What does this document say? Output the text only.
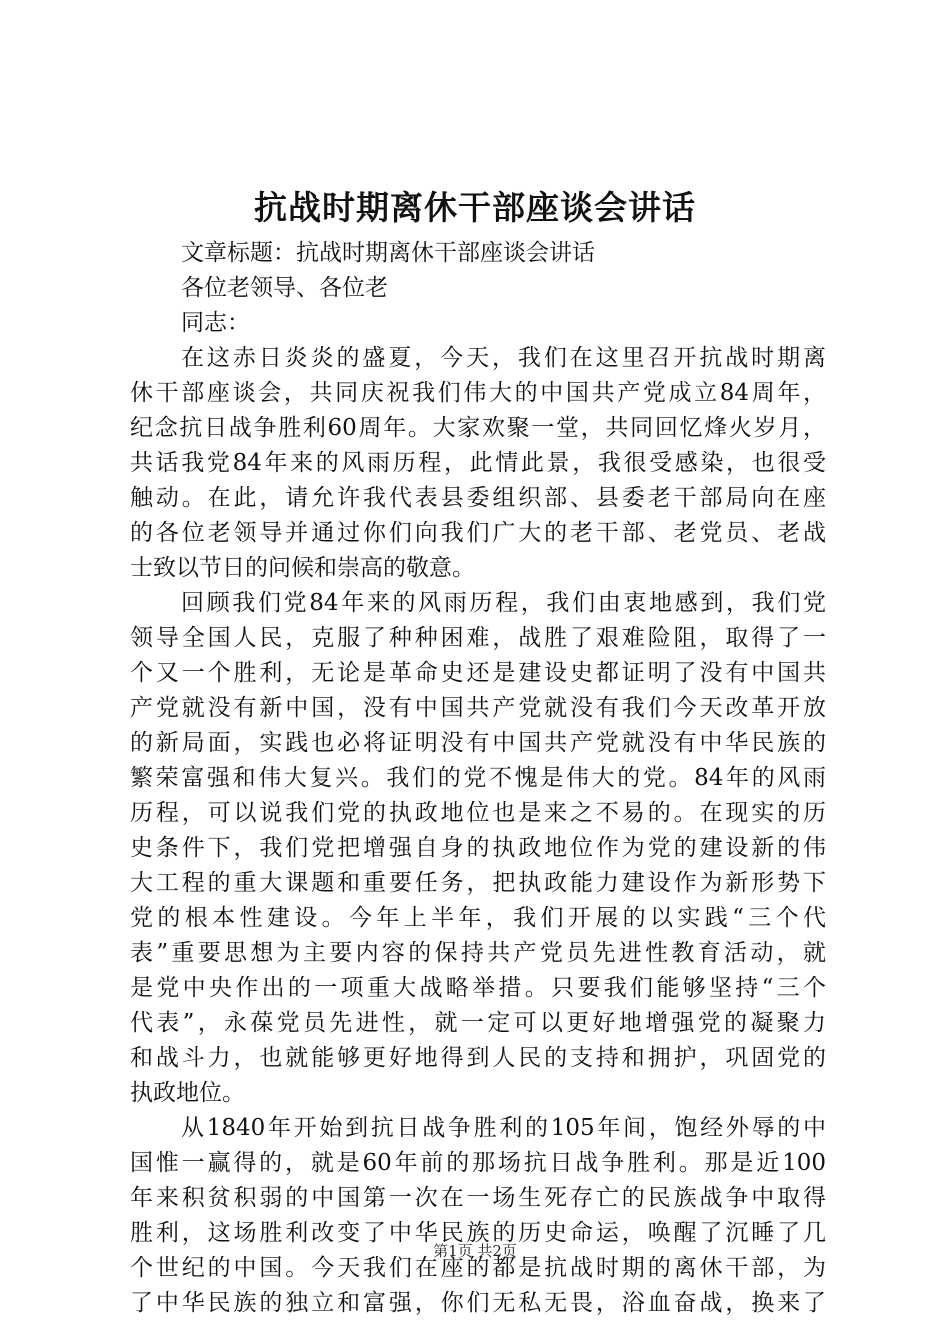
抗战时期离休干部座谈会讲话
文章标题：抗战时期离休干部座谈会讲话
各位老领导、各位老
同志：
在这赤日炎炎的盛夏，今天，我们在这里召开抗战时期离
休干部座谈会，共同庆祝我们伟大的中国共产党成立84周年，
纪念抗日战争胜利60周年。大家欢聚一堂，共同回忆烽火岁月，
共话我党84年来的风雨历程，此情此景，我很受感染，也很受
触动。在此，请允许我代表县委组织部、县委老干部局向在座
的各位老领导并通过你们向我们广大的老干部、老党员、老战
士致以节日的问候和崇高的敬意。
回顾我们党84年来的风雨历程，我们由衷地感到，我们党
领导全国人民，克服了种种困难，战胜了艰难险阻，取得了一
个又一个胜利，无论是革命史还是建设史都证明了没有中国共
产党就没有新中国，没有中国共产党就没有我们今天改革开放
的新局面，实践也必将证明没有中国共产党就没有中华民族的
繁荣富强和伟大复兴。我们的党不愧是伟大的党。84年的风雨
历程，可以说我们党的执政地位也是来之不易的。在现实的历
史条件下，我们党把增强自身的执政地位作为党的建设新的伟
大工程的重大课题和重要任务，把执政能力建设作为新形势下
党的根本性建设。今年上半年，我们开展的以实践“三个代
表”重要思想为主要内容的保持共产党员先进性教育活动，就
是党中央作出的一项重大战略举措。只要我们能够坚持“三个
代表”，永葆党员先进性，就一定可以更好地增强党的凝聚力
和战斗力，也就能够更好地得到人民的支持和拥护，巩固党的
执政地位。
从1840年开始到抗日战争胜利的105年间，饱经外辱的中
国惟一赢得的，就是60年前的那场抗日战争胜利。那是近100
年来积贫积弱的中国第一次在一场生死存亡的民族战争中取得
胜利，这场胜利改变了中华民族的历史命运，唤醒了沉睡了几
个世纪的中国。今天我们在座的都是抗战时期的离休干部，为
了中华民族的独立和富强，你们无私无畏，浴血奋战，换来了
第1页 共2页
